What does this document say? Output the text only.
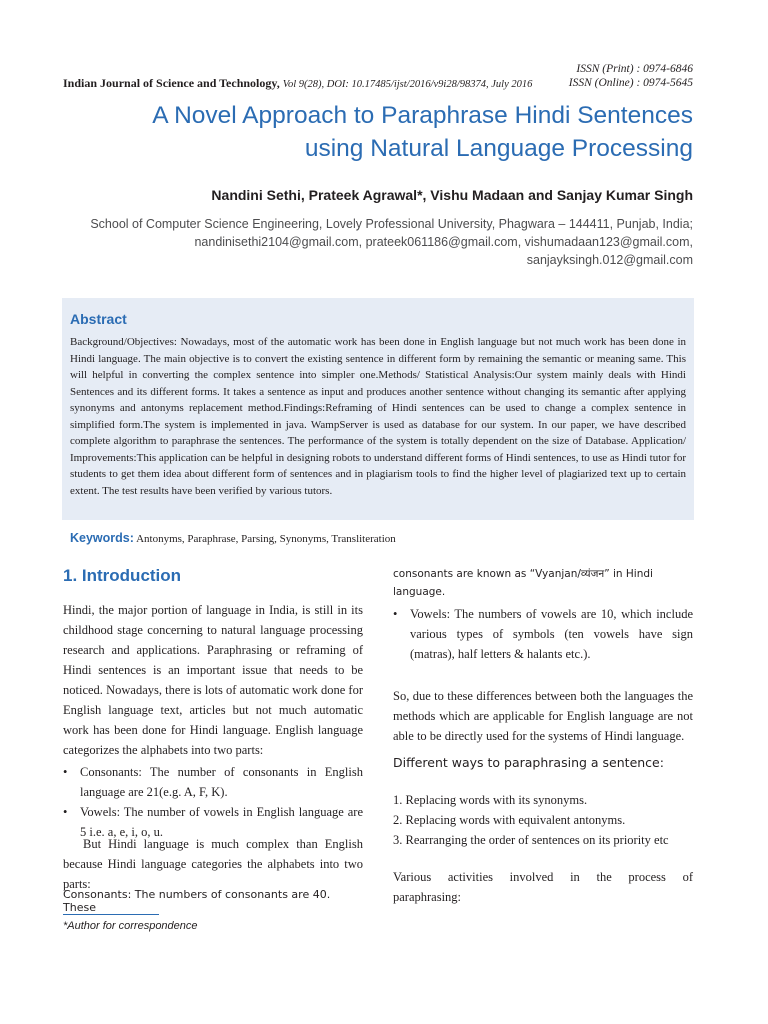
ISSN (Print) : 0974-6846
ISSN (Online) : 0974-5645
Indian Journal of Science and Technology, Vol 9(28), DOI: 10.17485/ijst/2016/v9i28/98374, July 2016
A Novel Approach to Paraphrase Hindi Sentences
using Natural Language Processing
Nandini Sethi, Prateek Agrawal*, Vishu Madaan and Sanjay Kumar Singh
School of Computer Science Engineering, Lovely Professional University, Phagwara – 144411, Punjab, India;
nandinisethi2104@gmail.com, prateek061186@gmail.com, vishumadaan123@gmail.com,
sanjayksingh.012@gmail.com
Abstract
Background/Objectives: Nowadays, most of the automatic work has been done in English language but not much work has been done in Hindi language. The main objective is to convert the existing sentence in different form by remaining the semantic or meaning same. This will helpful in converting the complex sentence into simpler one.Methods/ Statistical Analysis:Our system mainly deals with Hindi Sentences and its different forms. It takes a sentence as input and produces another sentence without changing its semantic after applying synonyms and antonyms replacement method.Findings:Reframing of Hindi sentences can be used to change a complex sentence in simplified form.The system is implemented in java. WampServer is used as database for our system. In our paper, we have described complete algorithm to paraphrase the sentences. The performance of the system is totally dependent on the size of Database. Application/ Improvements:This application can be helpful in designing robots to understand different forms of Hindi sentences, to use as Hindi tutor for students to get them idea about different form of sentences and in plagiarism tools to find the higher level of plagiarized text up to certain extent. The test results have been verified by various tutors.
Keywords: Antonyms, Paraphrase, Parsing, Synonyms, Transliteration
1. Introduction
Hindi, the major portion of language in India, is still in its childhood stage concerning to natural language processing research and applications. Paraphrasing or reframing of Hindi sentences is an important issue that needs to be noticed. Nowadays, there is lots of automatic work done for English language text, articles but not much automatic work has been done for Hindi language. English language categorizes the alphabets into two parts:
• Consonants: The number of consonants in English language are 21(e.g. A, F, K).
• Vowels: The number of vowels in English language are 5 i.e. a, e, i, o, u.
But Hindi language is much complex than English because Hindi language categories the alphabets into two parts:
Consonants: The numbers of consonants are 40. These
*Author for correspondence
consonants are known as “Vyanjan/व्यंजन” in Hindi language.
• Vowels: The numbers of vowels are 10, which include various types of symbols (ten vowels have sign (matras), half letters & halants etc.).
So, due to these differences between both the languages the methods which are applicable for English language are not able to be directly used for the systems of Hindi language.
Different ways to paraphrasing a sentence:
1. Replacing words with its synonyms.
2. Replacing words with equivalent antonyms.
3. Rearranging the order of sentences on its priority etc
Various activities involved in the process of
paraphrasing:
